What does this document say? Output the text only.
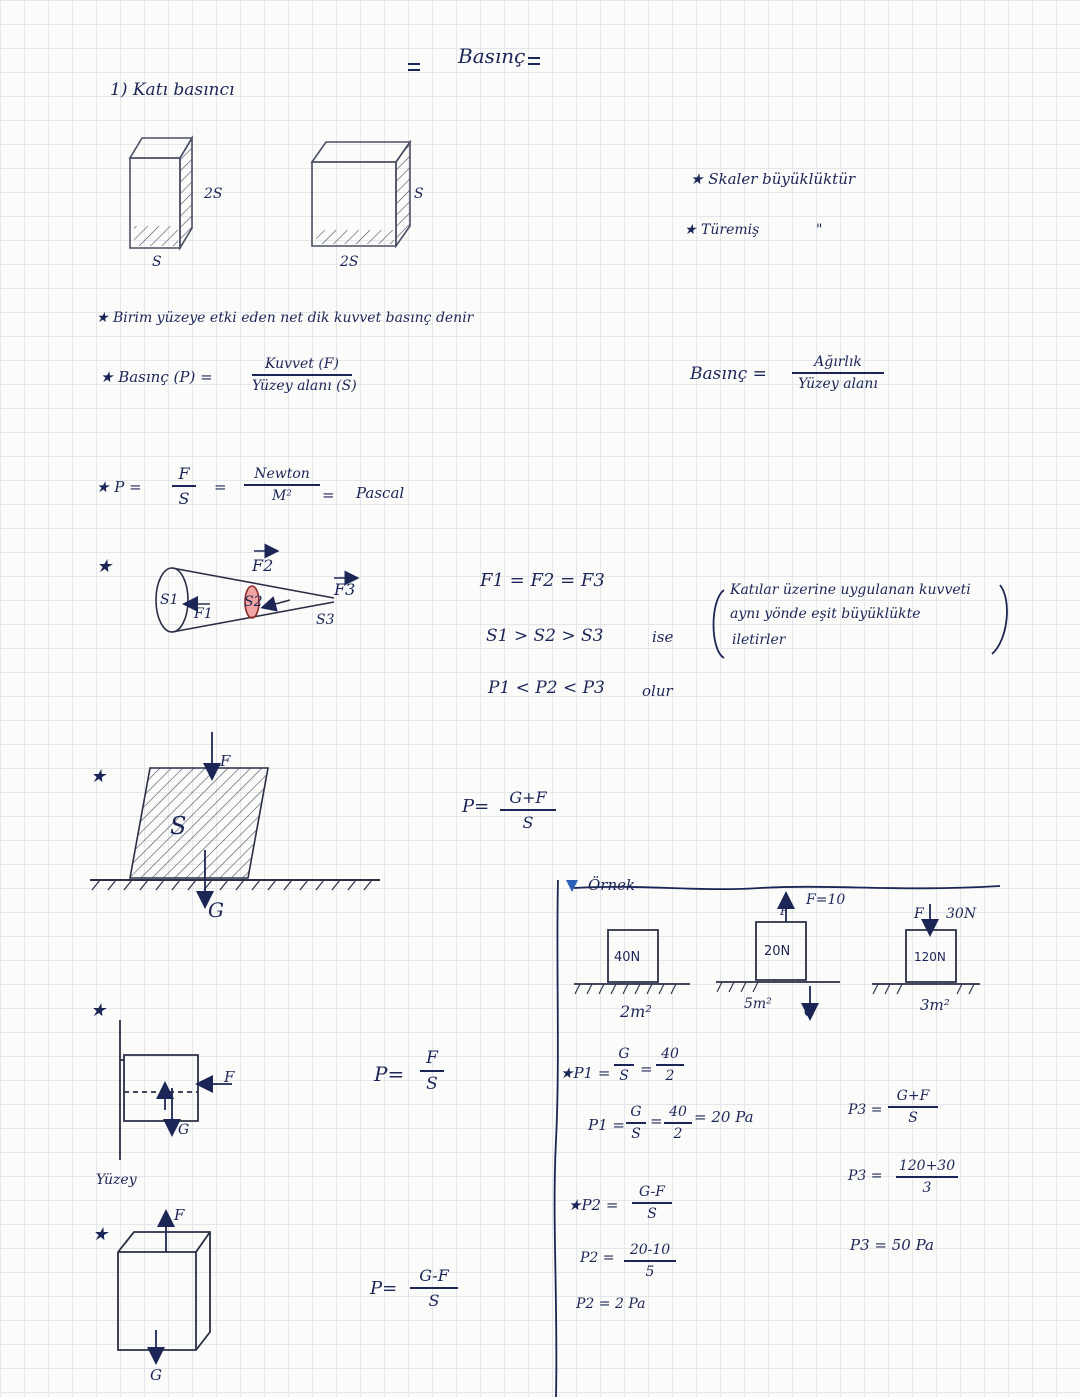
Basınç
1) Katı basıncı
2S
S
S
2S
★ Birim yüzeye etki eden net dik kuvvet basınç denir
★ Basınç (P) =
Kuvvet (F)
Yüzey alanı (S)
★ P =
F
S
=
Newton
M²	= Pascal
★ Skaler büyüklüktür
★ Türemiş	"
Basınç =
Ağırlık
Yüzey alanı
★
S1
F1
S2
F2
F3
S3
F1 = F2 = F3
S1 > S2 > S3	ise
P1 < P2 < P3 olur
Katılar üzerine uygulanan kuvveti
aynı yönde eşit büyüklükte
iletirler
★
F
S
G
P=	G+F
S
★
F
G
P=
F
S
Yüzey
★
F
G
P=
G-F
S
Örnek
40N
2m²
20N
F=10
F
5m² G
120N
F 30N
3m²
★P1 =
G
S =
40
2
P1 =
G
S
= 40
2
= 20 Pa
★P2 =
G-F
S
P2 =	20-10
5
P2 = 2 Pa
P3 =
G+F
S
P3 =
120+30
3
P3 = 50 Pa
